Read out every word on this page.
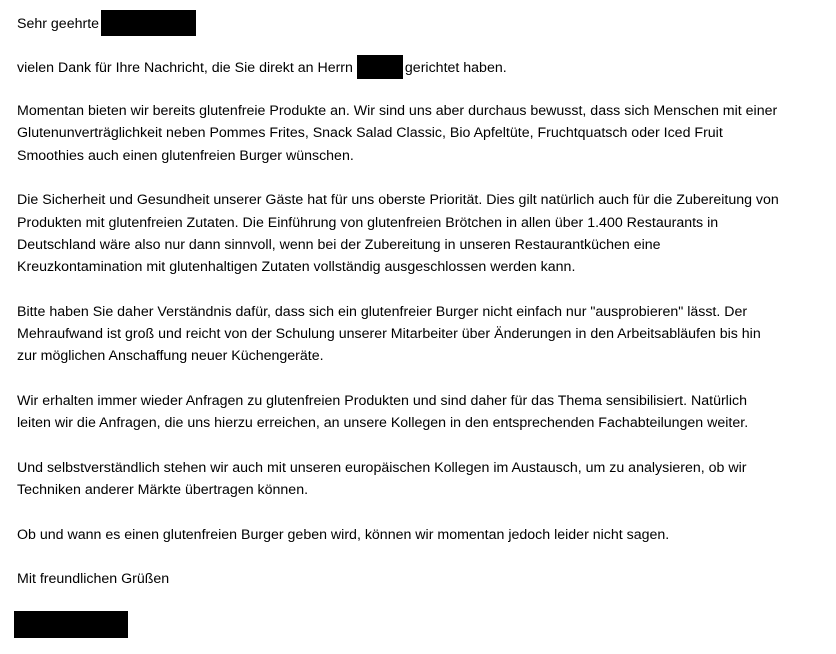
Sehr geehrte
vielen Dank für Ihre Nachricht, die Sie direkt an Herrn	gerichtet haben.
Momentan bieten wir bereits glutenfreie Produkte an. Wir sind uns aber durchaus bewusst, dass sich Menschen mit einer
Glutenunverträglichkeit neben Pommes Frites, Snack Salad Classic, Bio Apfeltüte, Fruchtquatsch oder Iced Fruit
Smoothies auch einen glutenfreien Burger wünschen.
Die Sicherheit und Gesundheit unserer Gäste hat für uns oberste Priorität. Dies gilt natürlich auch für die Zubereitung von
Produkten mit glutenfreien Zutaten. Die Einführung von glutenfreien Brötchen in allen über 1.400 Restaurants in
Deutschland wäre also nur dann sinnvoll, wenn bei der Zubereitung in unseren Restaurantküchen eine
Kreuzkontamination mit glutenhaltigen Zutaten vollständig ausgeschlossen werden kann.
Bitte haben Sie daher Verständnis dafür, dass sich ein glutenfreier Burger nicht einfach nur "ausprobieren" lässt. Der
Mehraufwand ist groß und reicht von der Schulung unserer Mitarbeiter über Änderungen in den Arbeitsabläufen bis hin
zur möglichen Anschaffung neuer Küchengeräte.
Wir erhalten immer wieder Anfragen zu glutenfreien Produkten und sind daher für das Thema sensibilisiert. Natürlich
leiten wir die Anfragen, die uns hierzu erreichen, an unsere Kollegen in den entsprechenden Fachabteilungen weiter.
Und selbstverständlich stehen wir auch mit unseren europäischen Kollegen im Austausch, um zu analysieren, ob wir
Techniken anderer Märkte übertragen können.
Ob und wann es einen glutenfreien Burger geben wird, können wir momentan jedoch leider nicht sagen.
Mit freundlichen Grüßen
